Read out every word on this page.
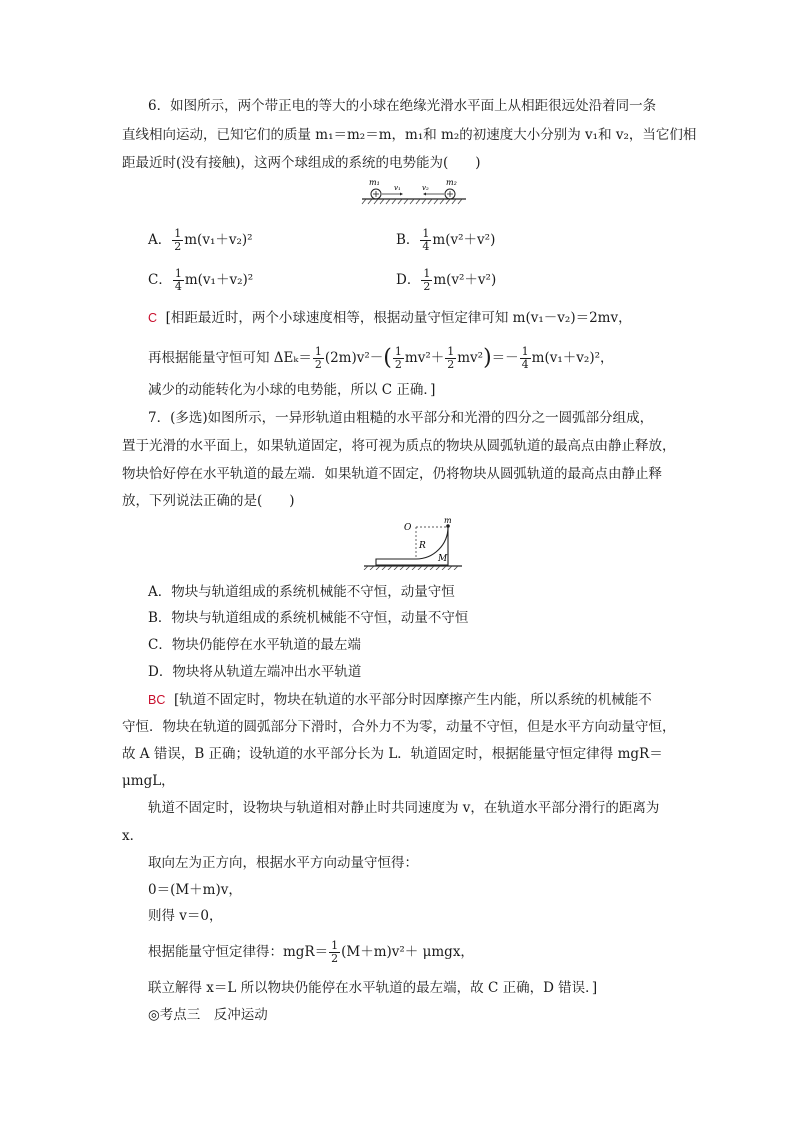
6．如图所示，两个带正电的等大的小球在绝缘光滑水平面上从相距很远处沿着同一条
直线相向运动，已知它们的质量 m₁＝m₂＝m，m₁和 m₂的初速度大小分别为 v₁和 v₂，当它们相
距最近时(没有接触)，这两个球组成的系统的电势能为(　　)
m₁
v₁	v₂
m₂
A． $\frac{1}{2} m(v_1+v_2)^2$	B． $\frac{1}{4} m(v^2+v^2)$
C． $\frac{1}{4} m(v_1+v_2)^2$	D． $\frac{1}{2} m(v^2+v^2)$
C [相距最近时，两个小球速度相等，根据动量守恒定律可知 m(v₁－v₂)＝2mv，
再根据能量守恒可知 $\Delta E_k= \frac{1}{2} (2m)v^2-( \frac{1}{2} mv^2+ \frac{1}{2} mv^2)=- \frac{1}{4} m(v_1+v_2)^2$，
减少的动能转化为小球的电势能，所以 C 正确．]
7．(多选)如图所示，一异形轨道由粗糙的水平部分和光滑的四分之一圆弧部分组成，
置于光滑的水平面上，如果轨道固定，将可视为质点的物块从圆弧轨道的最高点由静止释放，
物块恰好停在水平轨道的最左端．如果轨道不固定，仍将物块从圆弧轨道的最高点由静止释
放，下列说法正确的是(　　)
O
m
R
M
A．物块与轨道组成的系统机械能不守恒，动量守恒
B．物块与轨道组成的系统机械能不守恒，动量不守恒
C．物块仍能停在水平轨道的最左端
D．物块将从轨道左端冲出水平轨道
BC [轨道不固定时，物块在轨道的水平部分时因摩擦产生内能，所以系统的机械能不
守恒．物块在轨道的圆弧部分下滑时，合外力不为零，动量不守恒，但是水平方向动量守恒，
故 A 错误，B 正确；设轨道的水平部分长为 L．轨道固定时，根据能量守恒定律得 mgR＝
μmgL，
轨道不固定时，设物块与轨道相对静止时共同速度为 v，在轨道水平部分滑行的距离为
x．
取向左为正方向，根据水平方向动量守恒得：
0＝(M＋m)v，
则得 v＝0，
根据能量守恒定律得：$mgR= \frac{1}{2} (M+m)v^2+ \mu mgx$，
联立解得 x＝L 所以物块仍能停在水平轨道的最左端，故 C 正确，D 错误．]
◎考点三　反冲运动
